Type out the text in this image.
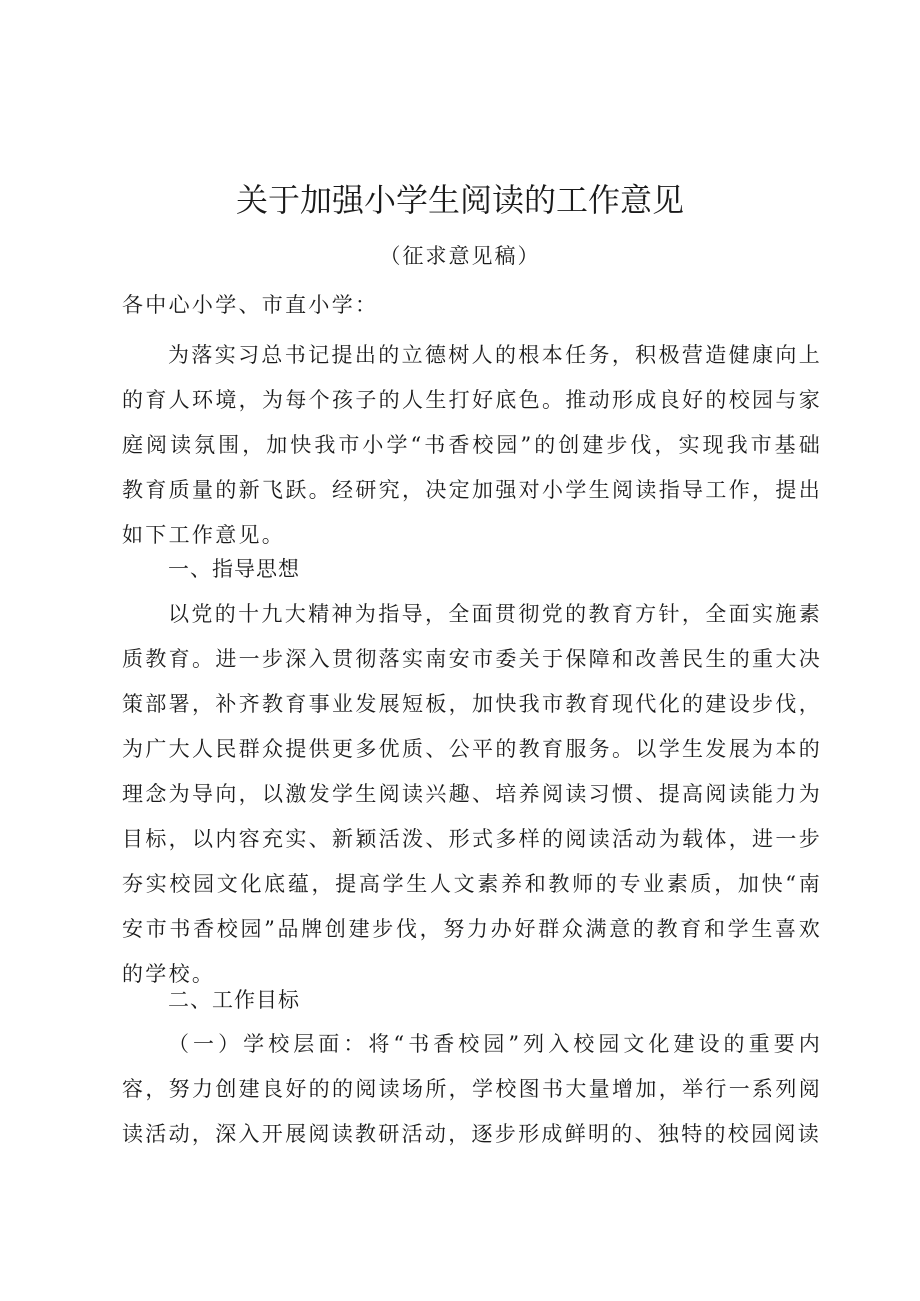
关于加强小学生阅读的工作意见
（征求意见稿）

各中心小学、市直小学：

为落实习总书记提出的立德树人的根本任务，积极营造健康向上的育人环境，为每个孩子的人生打好底色。推动形成良好的校园与家庭阅读氛围，加快我市小学“书香校园”的创建步伐，实现我市基础教育质量的新飞跃。经研究，决定加强对小学生阅读指导工作，提出如下工作意见。

一、指导思想

以党的十九大精神为指导，全面贯彻党的教育方针，全面实施素质教育。进一步深入贯彻落实南安市委关于保障和改善民生的重大决策部署，补齐教育事业发展短板，加快我市教育现代化的建设步伐，为广大人民群众提供更多优质、公平的教育服务。以学生发展为本的理念为导向，以激发学生阅读兴趣、培养阅读习惯、提高阅读能力为目标，以内容充实、新颖活泼、形式多样的阅读活动为载体，进一步夯实校园文化底蕴，提高学生人文素养和教师的专业素质，加快“南安市书香校园”品牌创建步伐，努力办好群众满意的教育和学生喜欢的学校。

二、工作目标

（一）学校层面：将“书香校园”列入校园文化建设的重要内容，努力创建良好的的阅读场所，学校图书大量增加，举行一系列阅读活动，深入开展阅读教研活动，逐步形成鲜明的、独特的校园阅读
